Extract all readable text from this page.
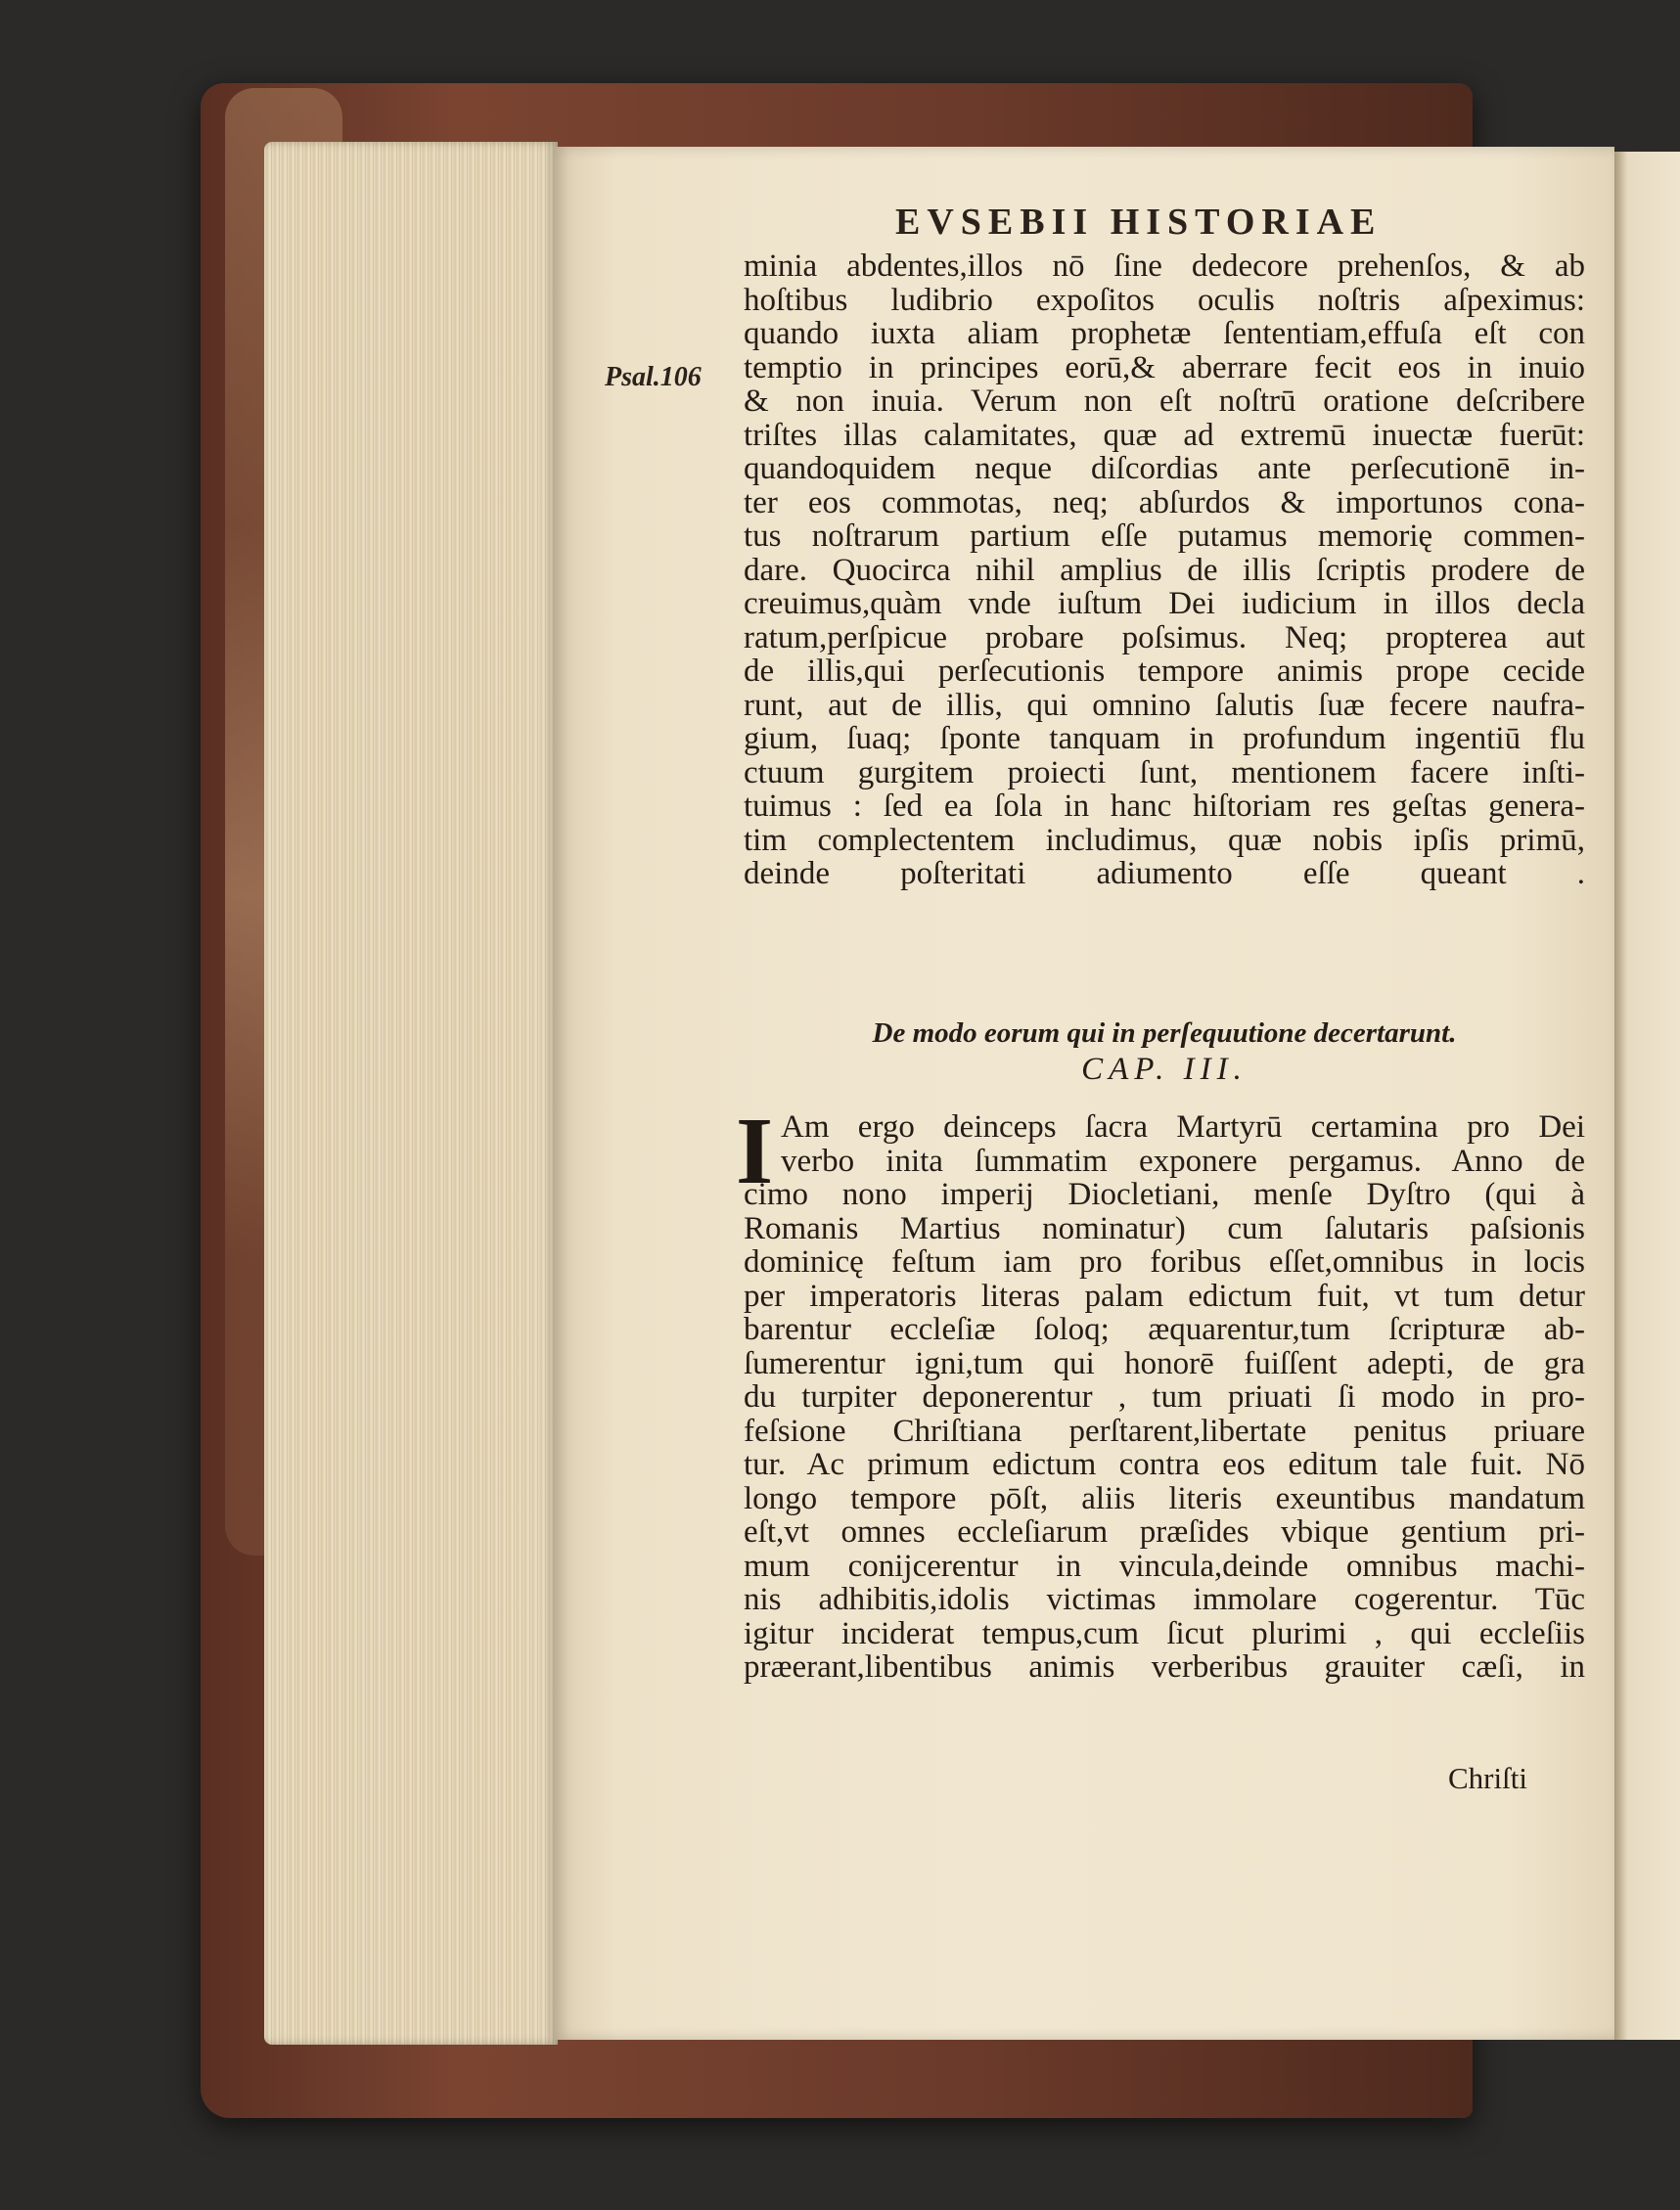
EVSEBII HISTORIAE
Psal.106
minia abdentes,illos nō ſine dedecore prehenſos, & ab
hoſtibus ludibrio expoſitos oculis noſtris aſpeximus:
quando iuxta aliam prophetæ ſententiam,effuſa eſt con
temptio in principes eorū,& aberrare fecit eos in inuio
& non inuia. Verum non eſt noſtrū oratione deſcribere
triſtes illas calamitates, quæ ad extremū inuectæ fuerūt:
quandoquidem neque diſcordias ante perſecutionē in-
ter eos commotas, neq; abſurdos & importunos cona-
tus noſtrarum partium eſſe putamus memorię commen-
dare. Quocirca nihil amplius de illis ſcriptis prodere de
creuimus,quàm vnde iuſtum Dei iudicium in illos decla
ratum,perſpicue probare poſsimus. Neq; propterea aut
de illis,qui perſecutionis tempore animis prope cecide
runt, aut de illis, qui omnino ſalutis ſuæ fecere naufra-
gium, ſuaq; ſponte tanquam in profundum ingentiū flu
ctuum gurgitem proiecti ſunt, mentionem facere inſti-
tuimus : ſed ea ſola in hanc hiſtoriam res geſtas genera-
tim complectentem includimus, quæ nobis ipſis primū,
deinde poſteritati adiumento eſſe queant .
De modo eorum qui in perſequutione decertarunt.
CAP. III.
I Am ergo deinceps ſacra Martyrū certamina pro Dei
verbo inita ſummatim exponere pergamus. Anno de
cimo nono imperij Diocletiani, menſe Dyſtro (qui à
Romanis Martius nominatur) cum ſalutaris paſsionis
dominicę feſtum iam pro foribus eſſet,omnibus in locis
per imperatoris literas palam edictum fuit, vt tum detur
barentur eccleſiæ ſoloq; æquarentur,tum ſcripturæ ab-
ſumerentur igni,tum qui honorē fuiſſent adepti, de gra
du turpiter deponerentur , tum priuati ſi modo in pro-
feſsione Chriſtiana perſtarent,libertate penitus priuare
tur. Ac primum edictum contra eos editum tale fuit. Nō
longo tempore pōſt, aliis literis exeuntibus mandatum
eſt,vt omnes eccleſiarum præſides vbique gentium pri-
mum conijcerentur in vincula,deinde omnibus machi-
nis adhibitis,idolis victimas immolare cogerentur. Tūc
igitur inciderat tempus,cum ſicut plurimi , qui eccleſiis
præerant,libentibus animis verberibus grauiter cæſi, in
Chriſti
